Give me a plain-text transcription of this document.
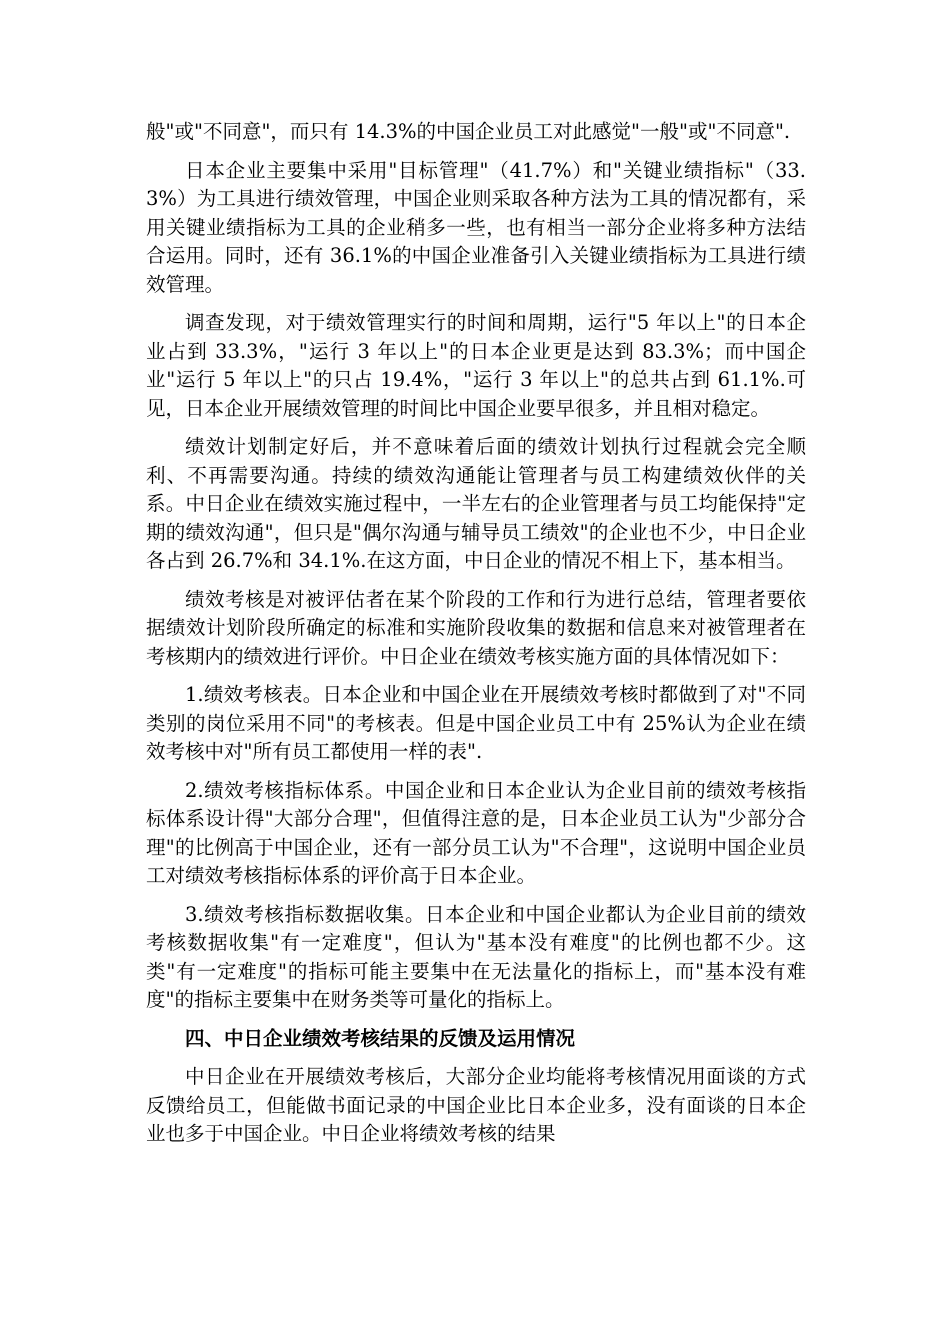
般"或"不同意"，而只有 14.3%的中国企业员工对此感觉"一般"或"不同意".

日本企业主要集中采用"目标管理"（41.7%）和"关键业绩指标"（33.3%）为工具进行绩效管理，中国企业则采取各种方法为工具的情况都有，采用关键业绩指标为工具的企业稍多一些，也有相当一部分企业将多种方法结合运用。同时，还有 36.1%的中国企业准备引入关键业绩指标为工具进行绩效管理。

调查发现，对于绩效管理实行的时间和周期，运行"5 年以上"的日本企业占到 33.3%，"运行 3 年以上"的日本企业更是达到 83.3%；而中国企业"运行 5 年以上"的只占 19.4%，"运行 3 年以上"的总共占到 61.1%.可见，日本企业开展绩效管理的时间比中国企业要早很多，并且相对稳定。

绩效计划制定好后，并不意味着后面的绩效计划执行过程就会完全顺利、不再需要沟通。持续的绩效沟通能让管理者与员工构建绩效伙伴的关系。中日企业在绩效实施过程中，一半左右的企业管理者与员工均能保持"定期的绩效沟通"，但只是"偶尔沟通与辅导员工绩效"的企业也不少，中日企业各占到 26.7%和 34.1%.在这方面，中日企业的情况不相上下，基本相当。

绩效考核是对被评估者在某个阶段的工作和行为进行总结，管理者要依据绩效计划阶段所确定的标准和实施阶段收集的数据和信息来对被管理者在考核期内的绩效进行评价。中日企业在绩效考核实施方面的具体情况如下：

1.绩效考核表。日本企业和中国企业在开展绩效考核时都做到了对"不同类别的岗位采用不同"的考核表。但是中国企业员工中有 25%认为企业在绩效考核中对"所有员工都使用一样的表".

2.绩效考核指标体系。中国企业和日本企业认为企业目前的绩效考核指标体系设计得"大部分合理"，但值得注意的是，日本企业员工认为"少部分合理"的比例高于中国企业，还有一部分员工认为"不合理"，这说明中国企业员工对绩效考核指标体系的评价高于日本企业。

3.绩效考核指标数据收集。日本企业和中国企业都认为企业目前的绩效考核数据收集"有一定难度"，但认为"基本没有难度"的比例也都不少。这类"有一定难度"的指标可能主要集中在无法量化的指标上，而"基本没有难度"的指标主要集中在财务类等可量化的指标上。

四、中日企业绩效考核结果的反馈及运用情况

中日企业在开展绩效考核后，大部分企业均能将考核情况用面谈的方式反馈给员工，但能做书面记录的中国企业比日本企业多，没有面谈的日本企业也多于中国企业。中日企业将绩效考核的结果
